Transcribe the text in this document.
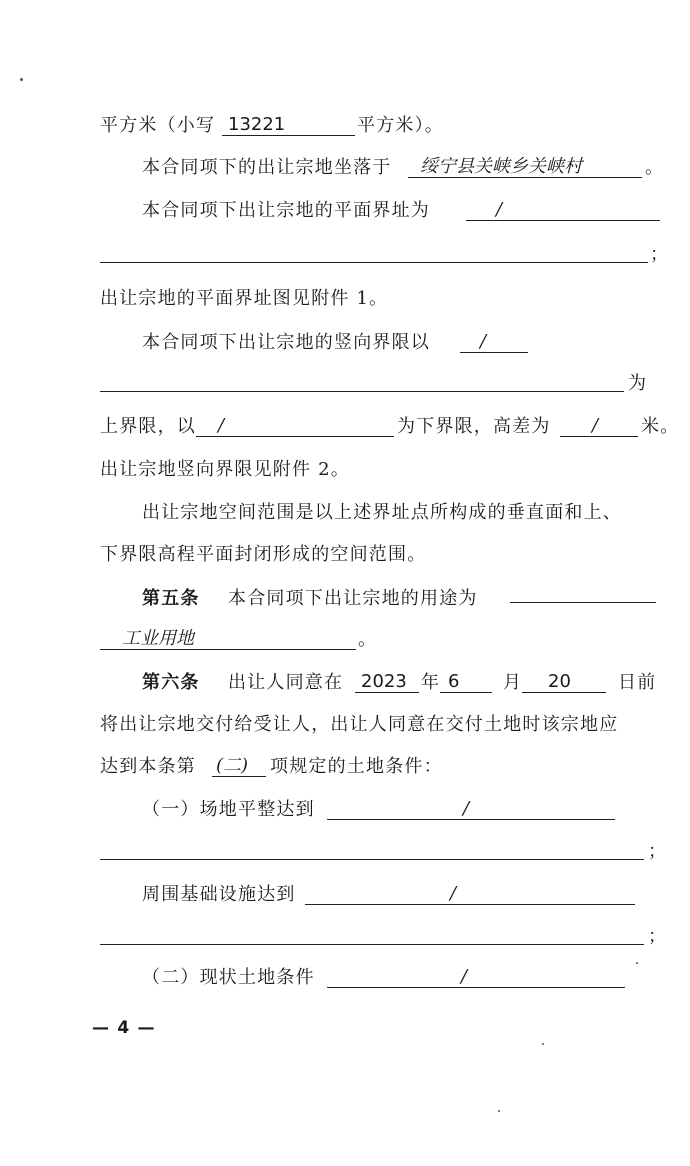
平方米（小写 13221	平方米）。
本合同项下的出让宗地坐落于	绥宁县关峡乡关峡村	。
本合同项下出让宗地的平面界址为	/
；
出让宗地的平面界址图见附件 1。
本合同项下出让宗地的竖向界限以	/
为
上界限，以	/	为下界限，高差为	/	米。
出让宗地竖向界限见附件 2。
出让宗地空间范围是以上述界址点所构成的垂直面和上、
下界限高程平面封闭形成的空间范围。
第五条 本合同项下出让宗地的用途为
工业用地	。
第六条 出让人同意在 2023 年 6	月	20	日前
将出让宗地交付给受让人，出让人同意在交付土地时该宗地应
达到本条第 (二)	项规定的土地条件：
（一）场地平整达到	/
；
周围基础设施达到	/
；
（二）现状土地条件	/
— 4 —
